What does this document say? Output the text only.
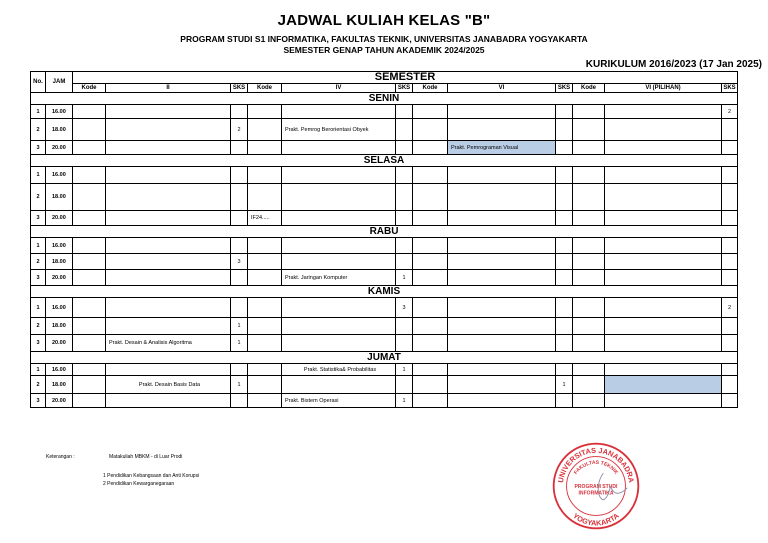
JADWAL KULIAH KELAS "B"
PROGRAM STUDI S1 INFORMATIKA, FAKULTAS TEKNIK, UNIVERSITAS JANABADRA YOGYAKARTA
SEMESTER GENAP TAHUN AKADEMIK 2024/2025
KURIKULUM 2016/2023 (17 Jan 2025)
No.	JAM	SEMESTER											
		Kode	II	SKS	Kode	IV	SKS	Kode	VI	SKS	Kode	VI (PILIHAN)	SKS
SENIN													
1	16.00												2
2	18.00			2		Prakt. Pemrog Berorientasi Obyek							
3	20.00								Prakt. Pemrograman Visual				
SELASA													
1	16.00												
2	18.00												
3	20.00				IF24.....								
RABU													
1	16.00												
2	18.00			3									
3	20.00					Prakt. Jaringan Komputer	1						
KAMIS													
1	16.00						3						2
2	18.00			1									
3	20.00		Prakt. Desain & Analisis Algoritma	1									
JUMAT													
1	16.00					Prakt. Statistika& Probabilitas	1						
2	18.00		Prakt. Desain Basis Data	1						1			
3	20.00					Prakt. Bistem Operasi	1						
Keterangan :	Matakuliah MBKM - di Luar Prodi
1 Pendidikan Kebangsaan dan Anti Korupsi
2 Pendidikan Kewarganegaraan
UNIVERSITAS JANABADRA
FAKULTAS TEKNIK
PROGRAM STUDI
INFORMATIKA
YOGYAKARTA
